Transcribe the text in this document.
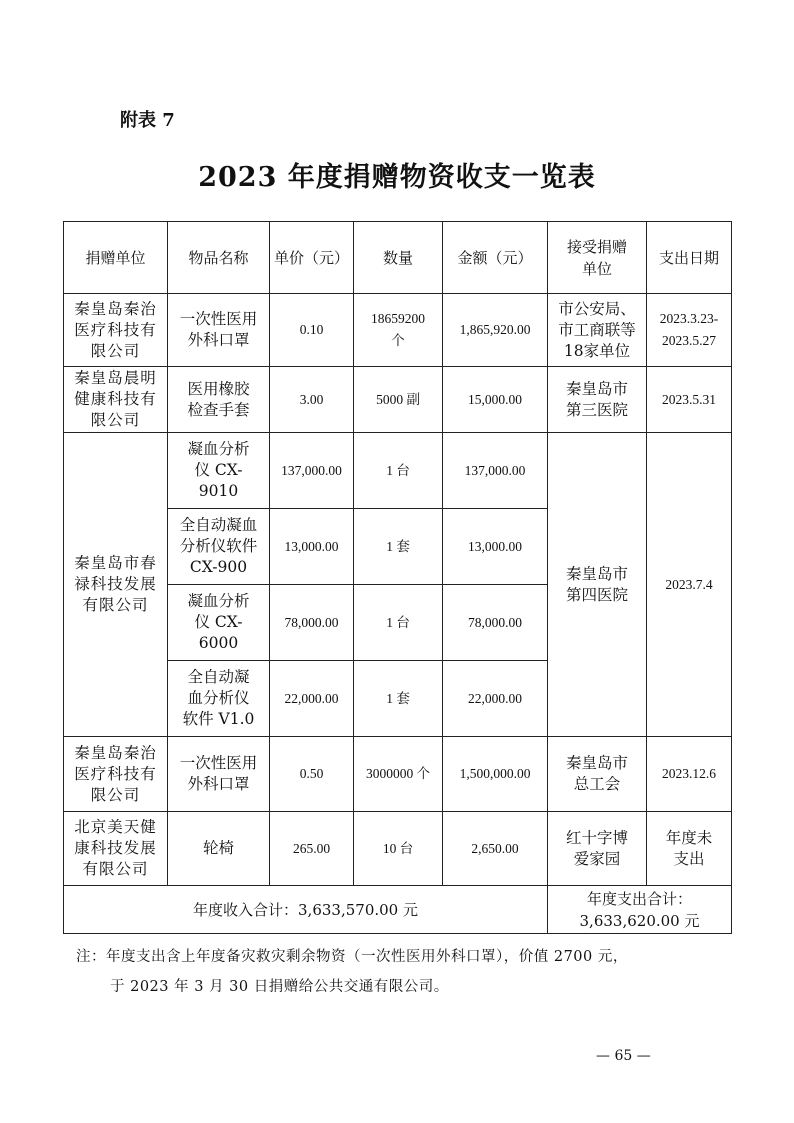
附表 7
2023 年度捐赠物资收支一览表
捐赠单位	物品名称	单价（元）	数量	金额（元）	接受捐赠单位	支出日期
秦皇岛秦治医疗科技有限公司	一次性医用外科口罩	0.10	18659200个	1,865,920.00	市公安局、市工商联等18家单位	2023.3.23-2023.5.27
秦皇岛晨明健康科技有限公司	医用橡胶检查手套	3.00	5000 副	15,000.00	秦皇岛市第三医院	2023.5.31
秦皇岛市春禄科技发展有限公司	凝血分析仪 CX-9010	137,000.00	1 台	137,000.00	秦皇岛市第四医院	2023.7.4
	全自动凝血分析仪软件CX-900	13,000.00	1 套	13,000.00		
	凝血分析仪 CX-6000	78,000.00	1 台	78,000.00		
	全自动凝血分析仪软件 V1.0	22,000.00	1 套	22,000.00		
秦皇岛秦治医疗科技有限公司	一次性医用外科口罩	0.50	3000000 个	1,500,000.00	秦皇岛市总工会	2023.12.6
北京美天健康科技发展有限公司	轮椅	265.00	10 台	2,650.00	红十字博爱家园	年度未支出
年度收入合计：3,633,570.00 元					年度支出合计：
3,633,620.00 元	
注：年度支出含上年度备灾救灾剩余物资（一次性医用外科口罩），价值 2700 元，
于 2023 年 3 月 30 日捐赠给公共交通有限公司。
— 65 —
